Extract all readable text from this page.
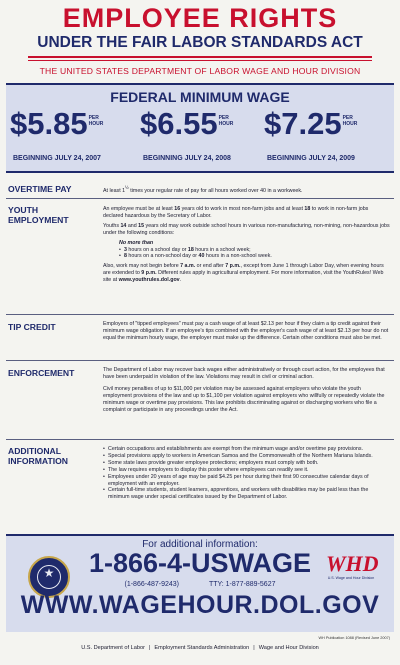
EMPLOYEE RIGHTS
UNDER THE FAIR LABOR STANDARDS ACT
THE UNITED STATES DEPARTMENT OF LABOR WAGE AND HOUR DIVISION
FEDERAL MINIMUM WAGE
$5.85PER HOUR
BEGINNING JULY 24, 2007
$6.55PER HOUR
BEGINNING JULY 24, 2008
$7.25PER HOUR
BEGINNING JULY 24, 2009
OVERTIME PAY	At least $1^{\frac{1}{2}}$ times your regular rate of pay for all hours worked over 40 in a workweek.
YOUTH EMPLOYMENT

An employee must be at least 16 years old to work in most non-farm jobs and at least 18 to work in non-farm jobs declared hazardous by the Secretary of Labor.

Youths 14 and 15 years old may work outside school hours in various non-manufacturing, non-mining, non-hazardous jobs under the following conditions:

No more than
• 3 hours on a school day or 18 hours in a school week;
• 8 hours on a non-school day or 40 hours in a non-school week.

Also, work may not begin before 7 a.m. or end after 7 p.m., except from June 1 through Labor Day, when evening hours are extended to 9 p.m. Different rules apply in agricultural employment. For more information, visit the YouthRules! Web site at www.youthrules.dol.gov.

TIP CREDIT	Employers of "tipped employees" must pay a cash wage of at least $2.13 per hour if they claim a tip credit against their minimum wage obligation. If an employee's tips combined with the employer's cash wage of at least $2.13 per hour do not equal the minimum hourly wage, the employer must make up the difference. Certain other conditions must also be met.
ENFORCEMENT	The Department of Labor may recover back wages either administratively or through court action, for the employees that have been underpaid in violation of the law. Violations may result in civil or criminal action.

Civil money penalties of up to $11,000 per violation may be assessed against employers who violate the youth employment provisions of the law and up to $1,100 per violation against employers who willfully or repeatedly violate the minimum wage or overtime pay provisions. This law prohibits discriminating against or discharging workers who file a complaint or participate in any proceedings under the Act.

ADDITIONAL INFORMATION
• Certain occupations and establishments are exempt from the minimum wage and/or overtime pay provisions.
• Special provisions apply to workers in American Samoa and the Commonwealth of the Northern Mariana Islands.
• Some state laws provide greater employee protections; employers must comply with both.
• The law requires employers to display this poster where employees can readily see it.
• Employees under 20 years of age may be paid $4.25 per hour during their first 90 consecutive calendar days of employment with an employer.
• Certain full-time students, student learners, apprentices, and workers with disabilities may be paid less than the minimum wage under special certificates issued by the Department of Labor.
★
For additional information:
1-866-4-USWAGE WHD
U.S. Wage and Hour Division
(1-866-487-9243)	TTY: 1-877-889-5627
WWW.WAGEHOUR.DOL.GOV
WH Publication 1088 (Revised June 2007)
U.S. Department of Labor | Employment Standards Administration | Wage and Hour Division
